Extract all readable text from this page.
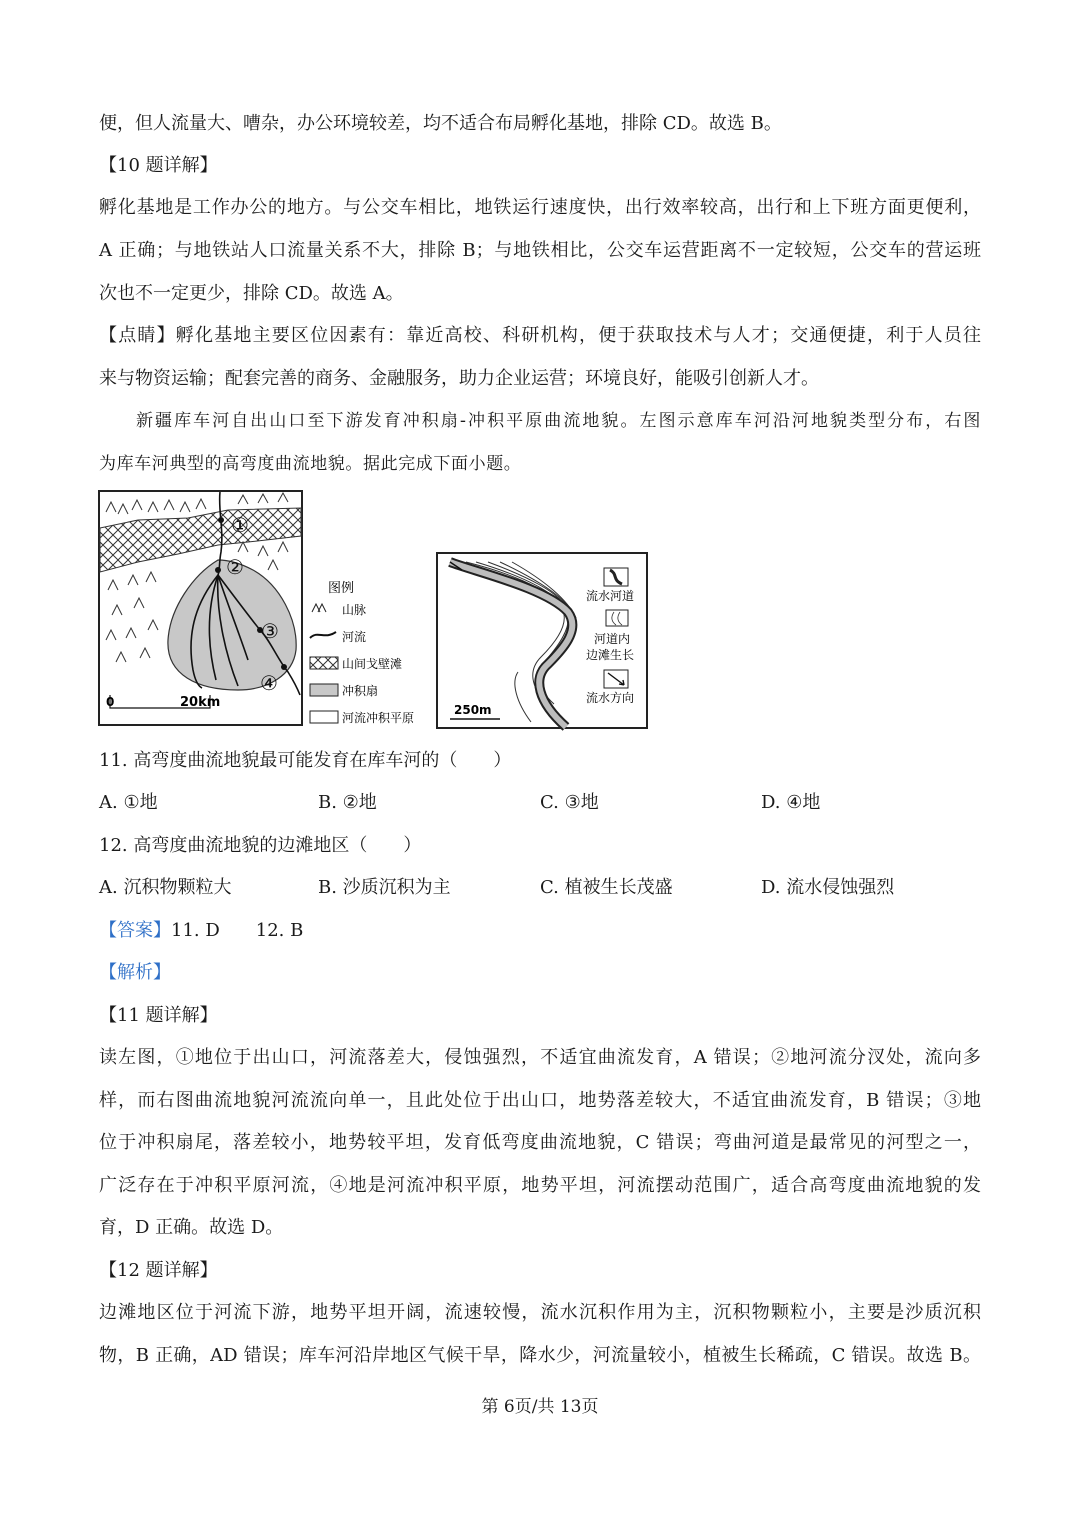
便，但人流量大、嘈杂，办公环境较差，均不适合布局孵化基地，排除 CD。故选 B。
【10 题详解】
孵化基地是工作办公的地方。与公交车相比，地铁运行速度快，出行效率较高，出行和上下班方面更便利，
A 正确；与地铁站人口流量关系不大，排除 B；与地铁相比，公交车运营距离不一定较短，公交车的营运班
次也不一定更少，排除 CD。故选 A。
【点睛】孵化基地主要区位因素有：靠近高校、科研机构，便于获取技术与人才；交通便捷，利于人员往
来与物资运输；配套完善的商务、金融服务，助力企业运营；环境良好，能吸引创新人才。
新疆库车河自出山口至下游发育冲积扇-冲积平原曲流地貌。左图示意库车河沿河地貌类型分布，右图
为库车河典型的高弯度曲流地貌。据此完成下面小题。
①
②
③
④
0	20km
图例
山脉
河流
山间戈壁滩
冲积扇
河流冲积平原
250m
流水河道
河道内
边滩生长
流水方向
11. 高弯度曲流地貌最可能发育在库车河的（　　）
A. ①地	B. ②地	C. ③地	D. ④地
12. 高弯度曲流地貌的边滩地区（　　）
A. 沉积物颗粒大	B. 沙质沉积为主	C. 植被生长茂盛	D. 流水侵蚀强烈
【答案】11. D　　12. B
【解析】
【11 题详解】
读左图，①地位于出山口，河流落差大，侵蚀强烈，不适宜曲流发育，A 错误；②地河流分汊处，流向多
样，而右图曲流地貌河流流向单一，且此处位于出山口，地势落差较大，不适宜曲流发育，B 错误；③地
位于冲积扇尾，落差较小，地势较平坦，发育低弯度曲流地貌，C 错误；弯曲河道是最常见的河型之一，
广泛存在于冲积平原河流，④地是河流冲积平原，地势平坦，河流摆动范围广，适合高弯度曲流地貌的发
育，D 正确。故选 D。
【12 题详解】
边滩地区位于河流下游，地势平坦开阔，流速较慢，流水沉积作用为主，沉积物颗粒小，主要是沙质沉积
物，B 正确，AD 错误；库车河沿岸地区气候干旱，降水少，河流量较小，植被生长稀疏，C 错误。故选 B。
第 6页/共 13页
